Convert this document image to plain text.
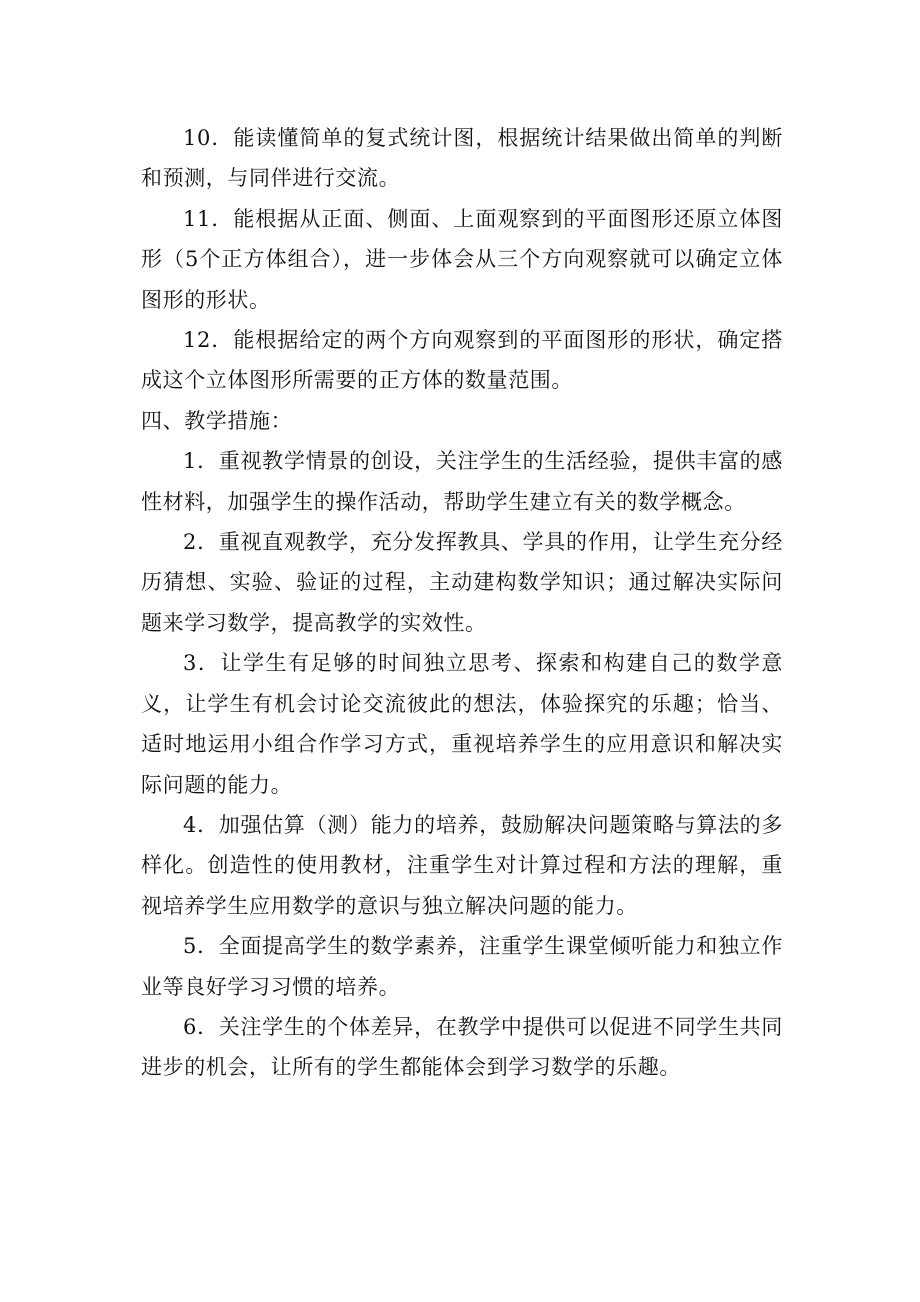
10．能读懂简单的复式统计图，根据统计结果做出简单的判断和预测，与同伴进行交流。

11．能根据从正面、侧面、上面观察到的平面图形还原立体图形（5个正方体组合），进一步体会从三个方向观察就可以确定立体图形的形状。

12．能根据给定的两个方向观察到的平面图形的形状，确定搭成这个立体图形所需要的正方体的数量范围。

四、教学措施：

1．重视教学情景的创设，关注学生的生活经验，提供丰富的感性材料，加强学生的操作活动，帮助学生建立有关的数学概念。

2．重视直观教学，充分发挥教具、学具的作用，让学生充分经历猜想、实验、验证的过程，主动建构数学知识；通过解决实际问题来学习数学，提高教学的实效性。

3．让学生有足够的时间独立思考、探索和构建自己的数学意义，让学生有机会讨论交流彼此的想法，体验探究的乐趣；恰当、适时地运用小组合作学习方式，重视培养学生的应用意识和解决实际问题的能力。

4．加强估算（测）能力的培养，鼓励解决问题策略与算法的多样化。创造性的使用教材，注重学生对计算过程和方法的理解，重视培养学生应用数学的意识与独立解决问题的能力。

5．全面提高学生的数学素养，注重学生课堂倾听能力和独立作业等良好学习习惯的培养。

6．关注学生的个体差异，在教学中提供可以促进不同学生共同进步的机会，让所有的学生都能体会到学习数学的乐趣。
